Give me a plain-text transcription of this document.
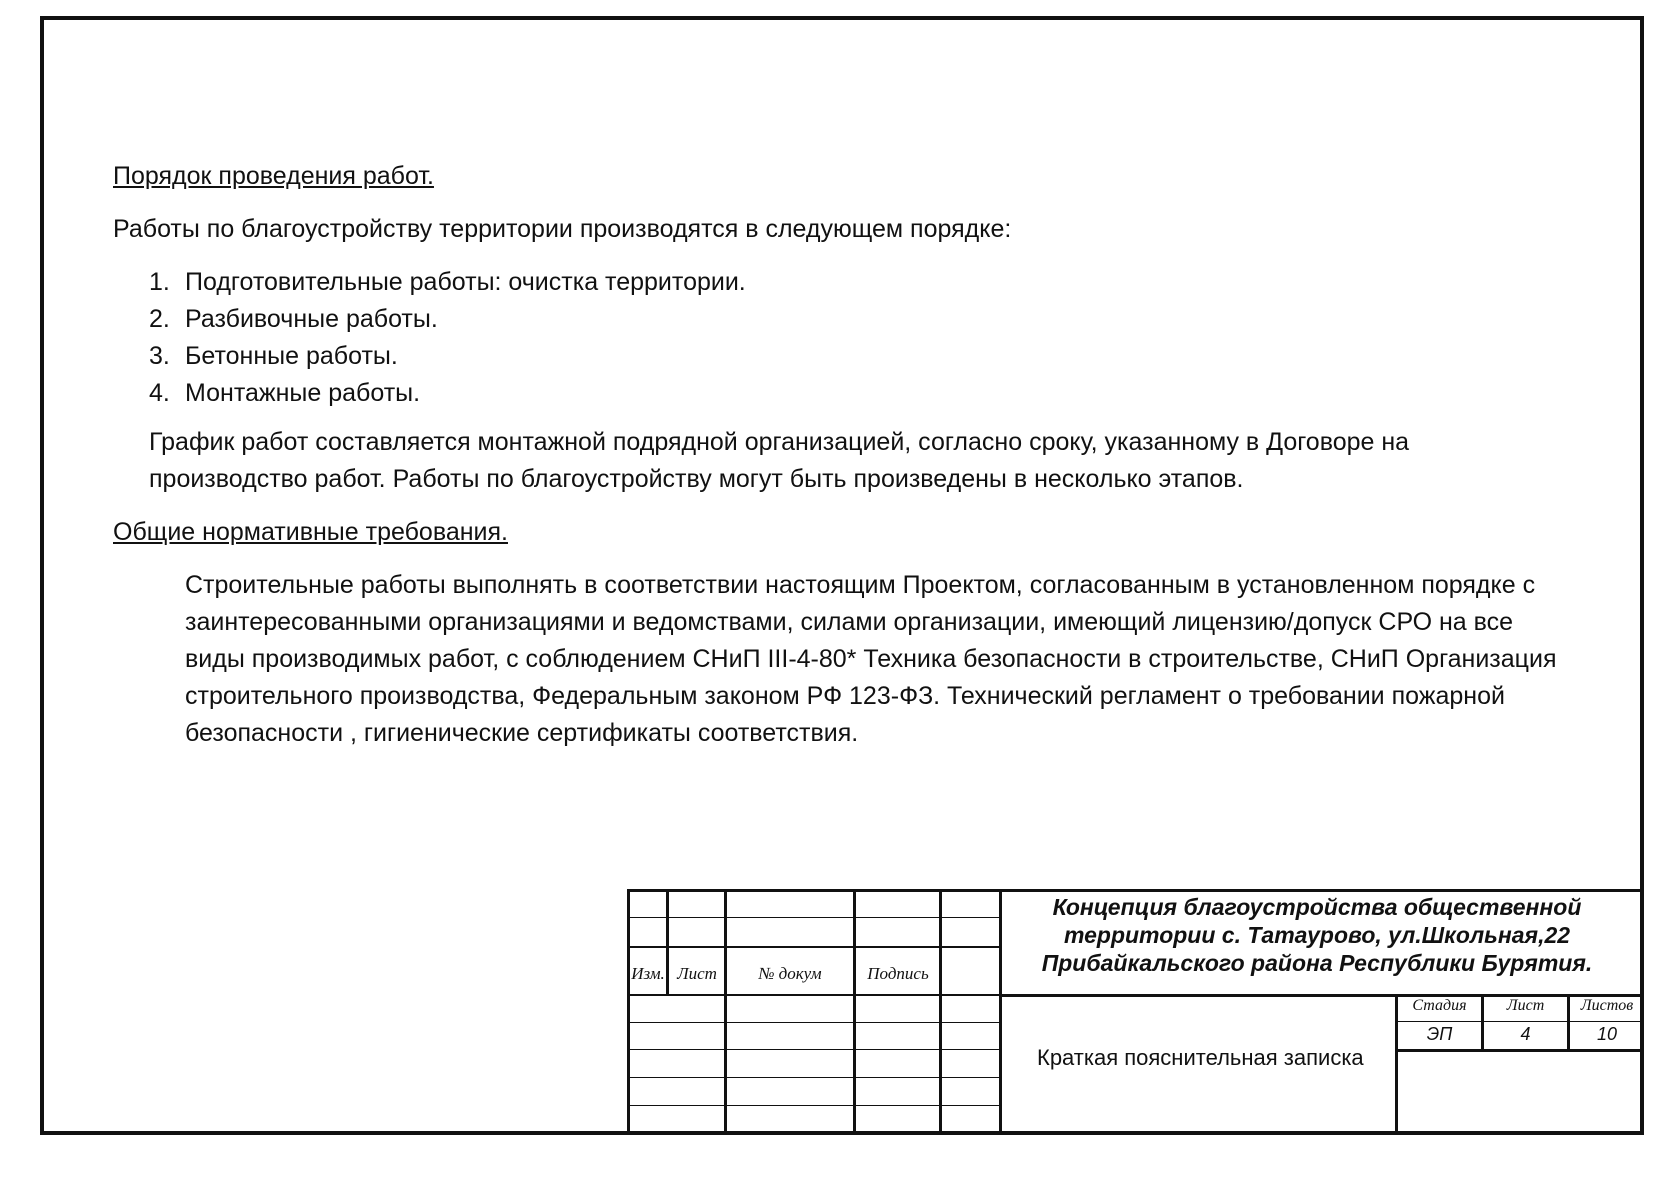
Порядок проведения работ.

Работы по благоустройству территории производятся в следующем порядке:

1. Подготовительные работы: очистка территории.
2. Разбивочные работы.
3. Бетонные работы.
4. Монтажные работы.

График работ составляется монтажной подрядной организацией, согласно сроку, указанному в Договоре на производство работ. Работы по благоустройству могут быть произведены в несколько этапов.

Общие нормативные требования.

Строительные работы выполнять в соответствии настоящим Проектом, согласованным в установленном порядке с заинтересованными организациями и ведомствами, силами организации, имеющий лицензию/допуск СРО на все виды производимых работ, с соблюдением СНиП III-4-80* Техника безопасности в строительстве, СНиП Организация строительного производства, Федеральным законом РФ 123-ФЗ. Технический регламент о требовании пожарной безопасности , гигиенические сертификаты соответствия.

Изм. Лист	№ докум	Подпись
Концепция благоустройства общественной
территории с. Татаурово, ул.Школьная,22
Прибайкальского района Республики Бурятия.
Краткая пояснительная записка
Стадия	Лист	Листов
ЭП	4	10
